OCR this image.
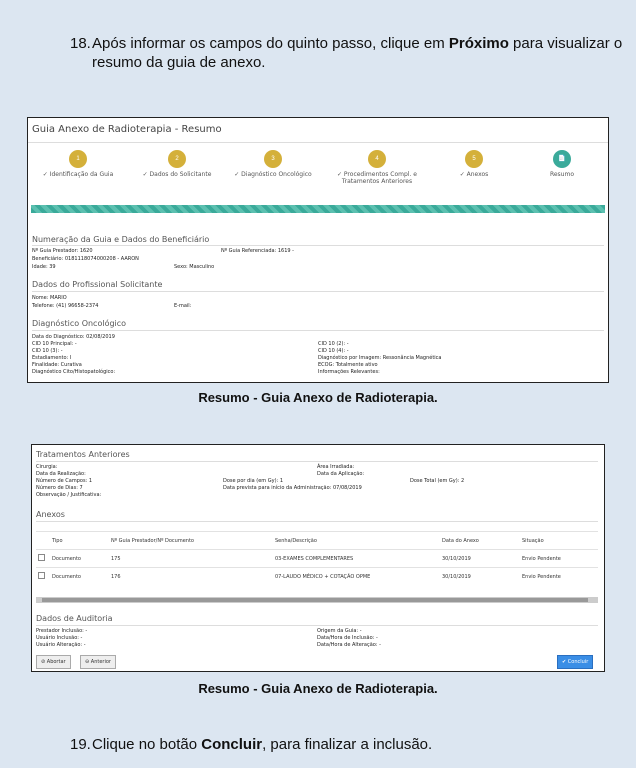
18.Após informar os campos do quinto passo, clique em Próximo para visualizar o
resumo da guia de anexo.
Guia Anexo de Radioterapia - Resumo
1
✓ Identificação da Guia
2
✓ Dados do Solicitante
3
✓ Diagnóstico Oncológico
4
✓ Procedimentos Compl. e Tratamentos Anteriores
5
✓ Anexos
📄
Resumo
Numeração da Guia e Dados do Beneficiário
Nº Guia Prestador: 1620	Nº Guia Referenciada: 1619 -
Beneficiário: 0181118074000208 - AARON
Idade: 39	Sexo: Masculino
Dados do Profissional Solicitante
Nome: MARIO
Telefone: (41) 96658-2374	E-mail:
Diagnóstico Oncológico
Data do Diagnóstico: 02/08/2019
CID 10 Principal: -
CID 10 (3): -
Estadiamento: I
Finalidade: Curativa
Diagnóstico Cito/Histopatológico:
CID 10 (2): -
CID 10 (4): -
Diagnóstico por Imagem: Ressonância Magnética
ECOG: Totalmente ativo
Informações Relevantes:
Resumo - Guia Anexo de Radioterapia.
Tratamentos Anteriores
Cirurgia:
Data da Realização:
Número de Campos: 1
Número de Dias: 7
Observação / Justificativa:
Área Irradiada:
Data da Aplicação:
Dose por dia (em Gy): 1	Dose Total (em Gy): 2
Data prevista para início da Administração: 07/08/2019
Anexos
	Tipo	Nº Guia Prestador/Nº Documento	Senha/Descrição	Data do Anexo	Situação
	Documento	175	03-EXAMES COMPLEMENTARES	30/10/2019	Envio Pendente
	Documento	176	07-LAUDO MÉDICO + COTAÇÃO OPME	30/10/2019	Envio Pendente
Dados de Auditoria
Prestador Inclusão: -
Usuário Inclusão: -
Usuário Alteração: -
Origem da Guia: -
Data/Hora de Inclusão: -
Data/Hora de Alteração: -
⊘ Abortar	⊖ Anterior	✔ Concluir
Resumo - Guia Anexo de Radioterapia.
19.Clique no botão Concluir, para finalizar a inclusão.
